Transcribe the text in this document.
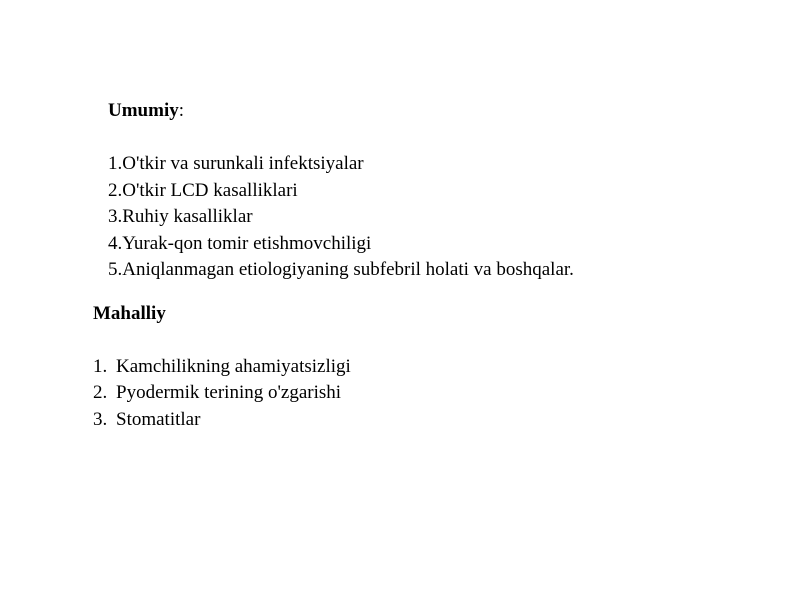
Umumiy:

1.O'tkir va surunkali infektsiyalar

2.O'tkir LCD kasalliklari

3.Ruhiy kasalliklar

4.Yurak-qon tomir etishmovchiligi

5.Aniqlanmagan etiologiyaning subfebril holati va boshqalar.

Mahalliy

1. Kamchilikning ahamiyatsizligi
2. Pyodermik terining o'zgarishi
3. Stomatitlar
